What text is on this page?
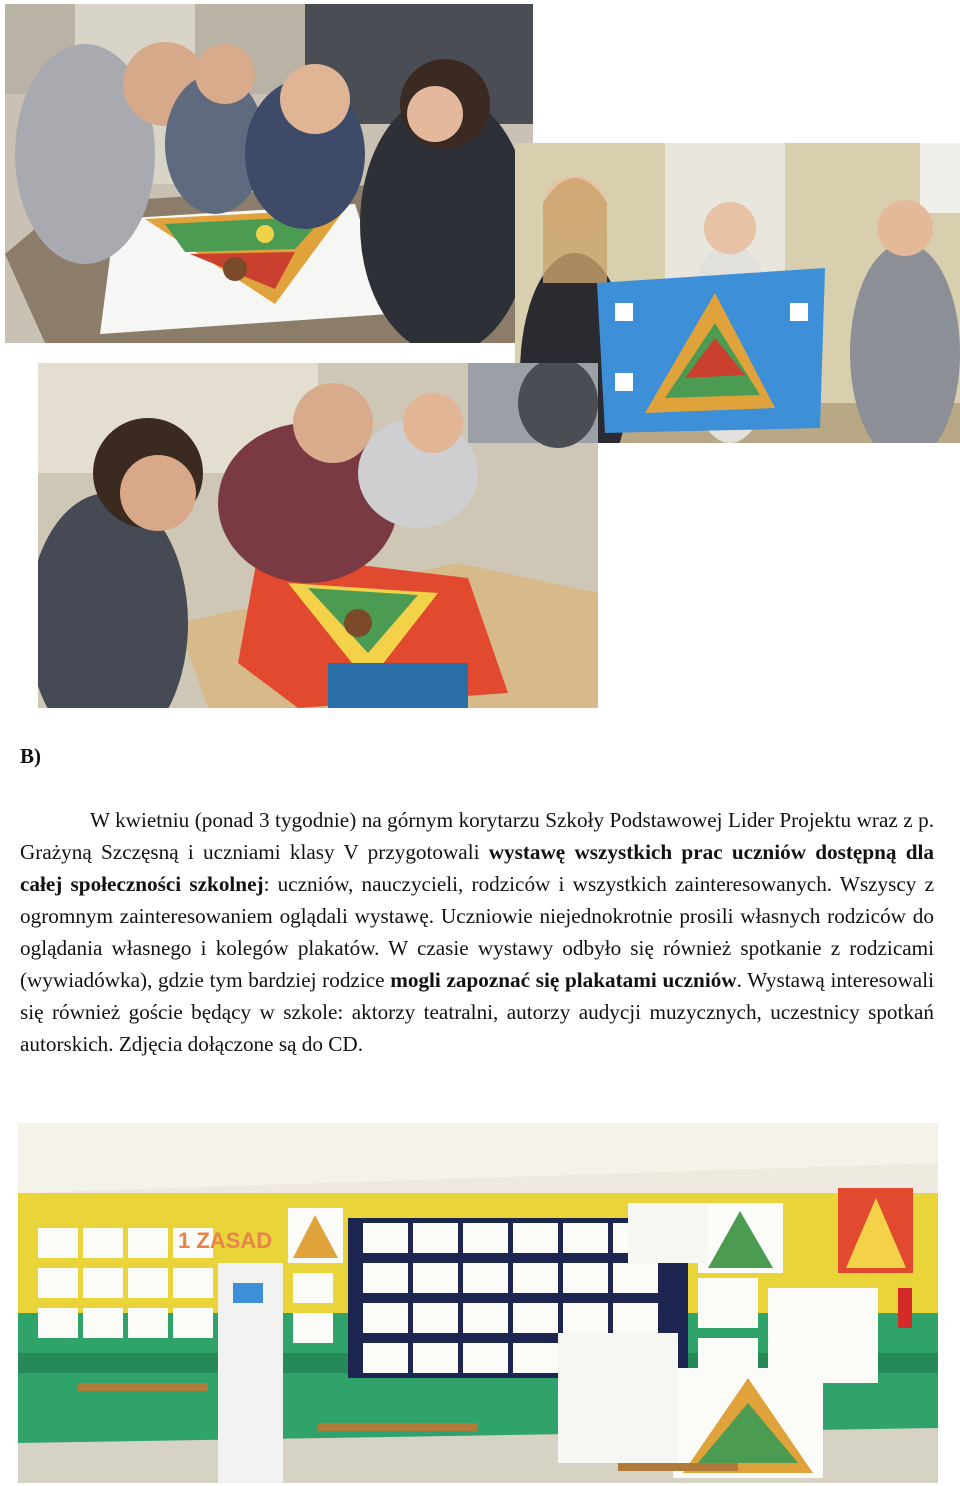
B)

W kwietniu (ponad 3 tygodnie) na górnym korytarzu Szkoły Podstawowej Lider Projektu wraz z p. Grażyną Szczęsną i uczniami klasy V przygotowali wystawę wszystkich prac uczniów dostępną dla całej społeczności szkolnej: uczniów, nauczycieli, rodziców i wszystkich zainteresowanych. Wszyscy z ogromnym zainteresowaniem oglądali wystawę. Uczniowie niejednokrotnie prosili własnych rodziców do oglądania własnego i kolegów plakatów. W czasie wystawy odbyło się również spotkanie z rodzicami (wywiadówka), gdzie tym bardziej rodzice mogli zapoznać się plakatami uczniów. Wystawą interesowali się również goście będący w szkole: aktorzy teatralni, autorzy audycji muzycznych, uczestnicy spotkań autorskich. Zdjęcia dołączone są do CD.

1 ZASAD
